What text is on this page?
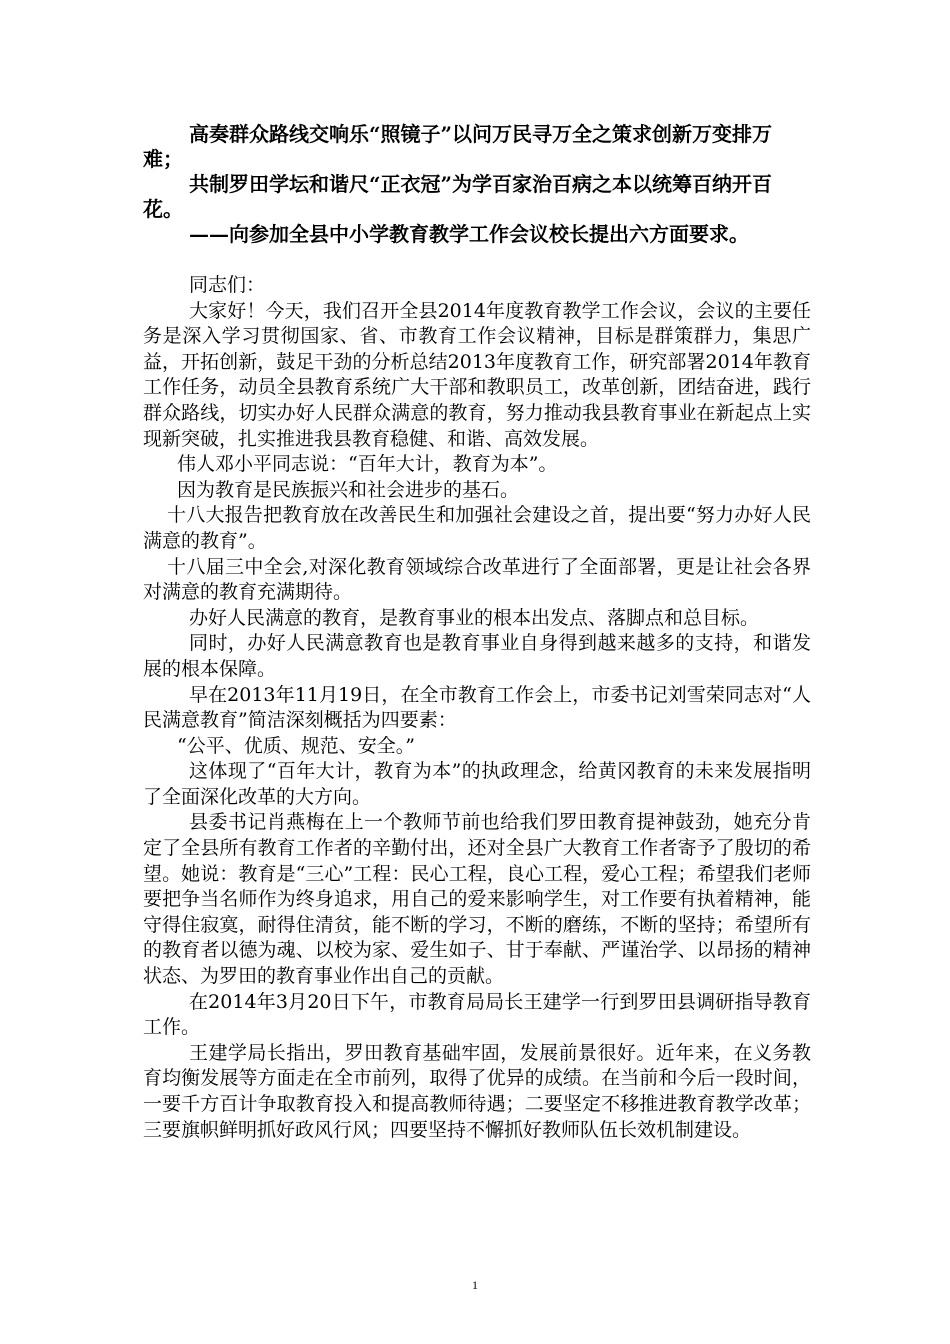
高奏群众路线交响乐“照镜子”以问万民寻万全之策求创新万变排万难；

共制罗田学坛和谐尺“正衣冠”为学百家治百病之本以统筹百纳开百花。

——向参加全县中小学教育教学工作会议校长提出六方面要求。

同志们：

大家好！今天，我们召开全县2014年度教育教学工作会议，会议的主要任务是深入学习贯彻国家、省、市教育工作会议精神，目标是群策群力，集思广益，开拓创新，鼓足干劲的分析总结2013年度教育工作，研究部署2014年教育工作任务，动员全县教育系统广大干部和教职员工，改革创新，团结奋进，践行群众路线，切实办好人民群众满意的教育，努力推动我县教育事业在新起点上实现新突破，扎实推进我县教育稳健、和谐、高效发展。

伟人邓小平同志说：“百年大计，教育为本”。

因为教育是民族振兴和社会进步的基石。

十八大报告把教育放在改善民生和加强社会建设之首，提出要“努力办好人民满意的教育”。

十八届三中全会,对深化教育领域综合改革进行了全面部署，更是让社会各界对满意的教育充满期待。

办好人民满意的教育，是教育事业的根本出发点、落脚点和总目标。

同时，办好人民满意教育也是教育事业自身得到越来越多的支持，和谐发展的根本保障。

早在2013年11月19日，在全市教育工作会上，市委书记刘雪荣同志对“人民满意教育”简洁深刻概括为四要素：

“公平、优质、规范、安全。”

这体现了“百年大计，教育为本”的执政理念，给黄冈教育的未来发展指明了全面深化改革的大方向。

县委书记肖燕梅在上一个教师节前也给我们罗田教育提神鼓劲，她充分肯定了全县所有教育工作者的辛勤付出，还对全县广大教育工作者寄予了殷切的希望。她说：教育是“三心”工程：民心工程，良心工程，爱心工程；希望我们老师要把争当名师作为终身追求，用自己的爱来影响学生，对工作要有执着精神，能守得住寂寞，耐得住清贫，能不断的学习，不断的磨练，不断的坚持；希望所有的教育者以德为魂、以校为家、爱生如子、甘于奉献、严谨治学、以昂扬的精神状态、为罗田的教育事业作出自己的贡献。

在2014年3月20日下午，市教育局局长王建学一行到罗田县调研指导教育工作。

王建学局长指出，罗田教育基础牢固，发展前景很好。近年来，在义务教育均衡发展等方面走在全市前列，取得了优异的成绩。在当前和今后一段时间，一要千方百计争取教育投入和提高教师待遇；二要坚定不移推进教育教学改革；三要旗帜鲜明抓好政风行风；四要坚持不懈抓好教师队伍长效机制建设。

1
